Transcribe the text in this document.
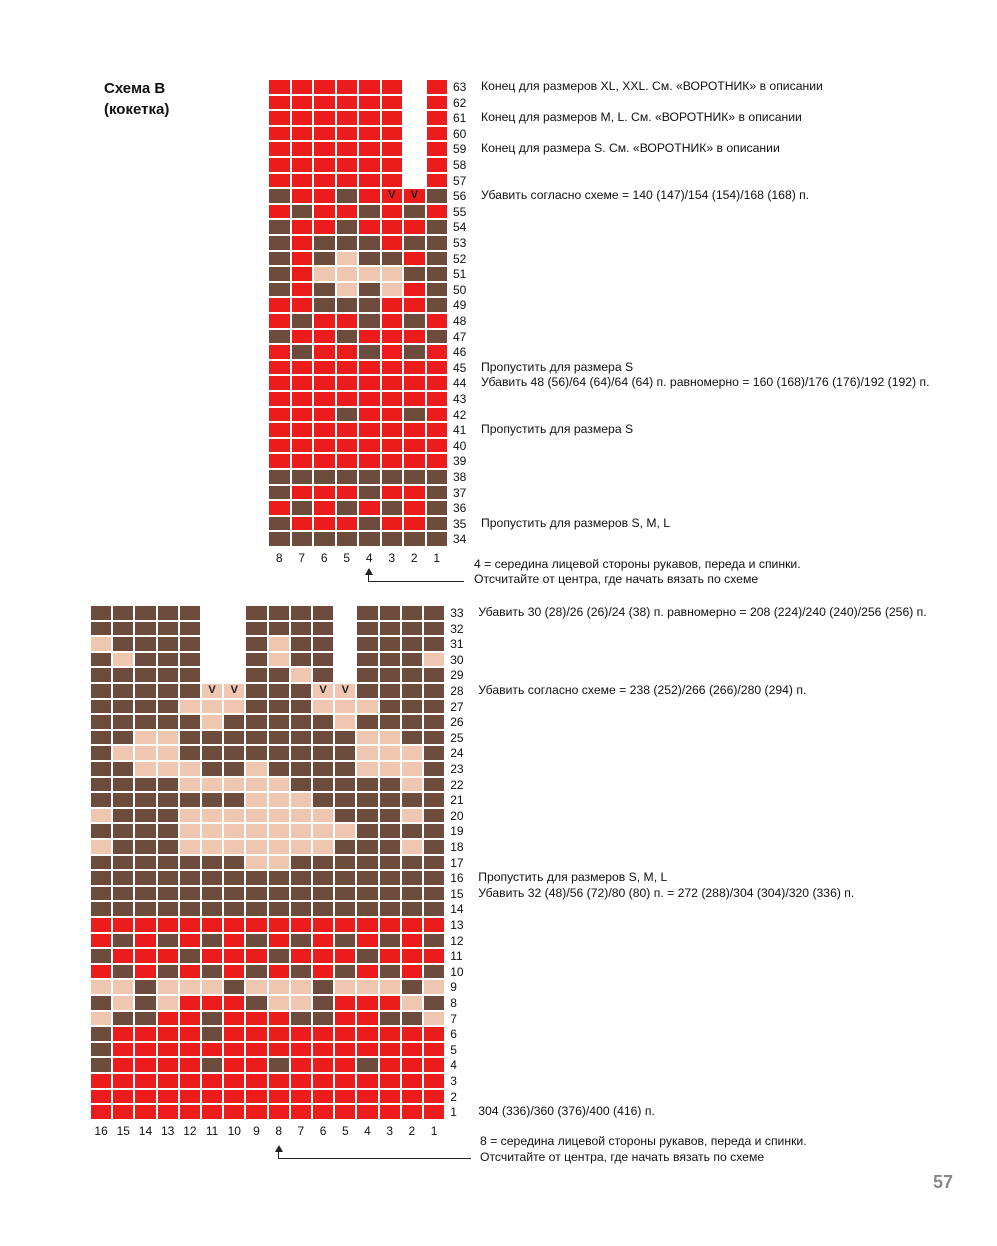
Схема B
(кокетка)
V	V
V	V	V	V
63
62
61
60
59
58
57
56
55
54
53
52
51
50
49
48
47
46
45
44
43
42
41
40
39
38
37
36
35
34
33
32
31
30
29
28
27
26
25
24
23
22
21
20
19
18
17
16
15
14
13
12
11
10
9
8
7
6
5
4
3
2
1
8	7	6	5	4	3	2	1
16 15 14 13 12 11 10	9	8	7	6	5	4	3	2	1
Конец для размеров XL, XXL. См. «ВОРОТНИК» в описании
Конец для размеров M, L. См. «ВОРОТНИК» в описании
Конец для размера S. См. «ВОРОТНИК» в описании
Убавить согласно схеме = 140 (147)/154 (154)/168 (168) п.
Пропустить для размера S
Убавить 48 (56)/64 (64)/64 (64) п. равномерно = 160 (168)/176 (176)/192 (192) п.
Пропустить для размера S
Пропустить для размеров S, M, L
Убавить 30 (28)/26 (26)/24 (38) п. равномерно = 208 (224)/240 (240)/256 (256) п.
Убавить согласно схеме = 238 (252)/266 (266)/280 (294) п.
Пропустить для размеров S, M, L
Убавить 32 (48)/56 (72)/80 (80) п. = 272 (288)/304 (304)/320 (336) п.
304 (336)/360 (376)/400 (416) п.
4 = середина лицевой стороны рукавов, переда и спинки.
Отсчитайте от центра, где начать вязать по схеме
8 = середина лицевой стороны рукавов, переда и спинки.
Отсчитайте от центра, где начать вязать по схеме
57
